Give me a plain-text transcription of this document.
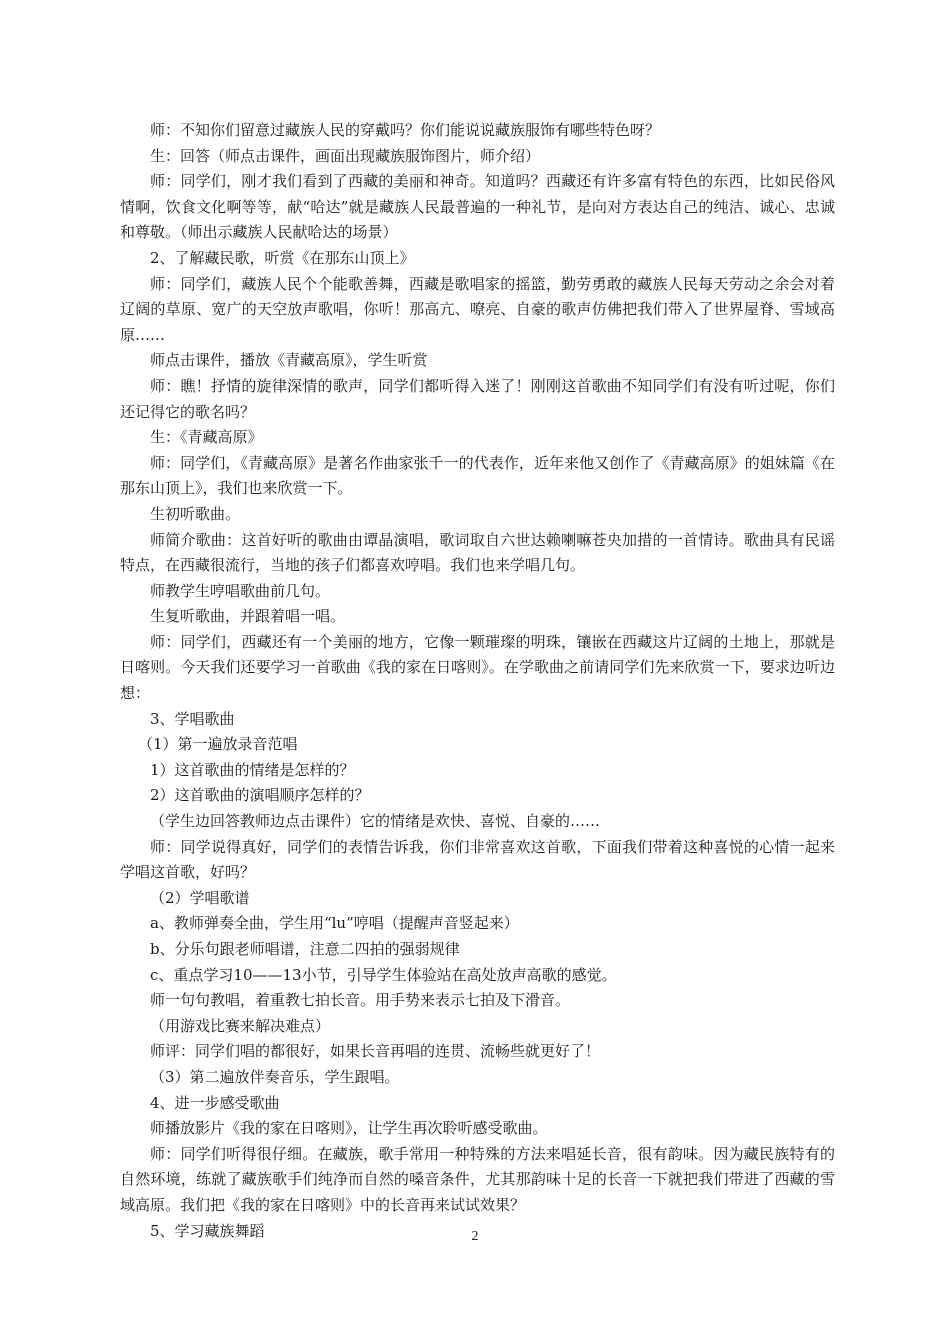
师：不知你们留意过藏族人民的穿戴吗？你们能说说藏族服饰有哪些特色呀？

生：回答（师点击课件，画面出现藏族服饰图片，师介绍）

师：同学们，刚才我们看到了西藏的美丽和神奇。知道吗？西藏还有许多富有特色的东西，比如民俗风情啊，饮食文化啊等等，献“哈达”就是藏族人民最普遍的一种礼节，是向对方表达自己的纯洁、诚心、忠诚和尊敬。（师出示藏族人民献哈达的场景）

2、了解藏民歌，听赏《在那东山顶上》

师：同学们，藏族人民个个能歌善舞，西藏是歌唱家的摇篮，勤劳勇敢的藏族人民每天劳动之余会对着辽阔的草原、宽广的天空放声歌唱，你听！那高亢、嘹亮、自豪的歌声仿佛把我们带入了世界屋脊、雪域高原……

师点击课件，播放《青藏高原》，学生听赏

师：瞧！抒情的旋律深情的歌声，同学们都听得入迷了！刚刚这首歌曲不知同学们有没有听过呢，你们还记得它的歌名吗？

生：《青藏高原》

师：同学们，《青藏高原》是著名作曲家张千一的代表作，近年来他又创作了《青藏高原》的姐妹篇《在那东山顶上》，我们也来欣赏一下。

生初听歌曲。

师简介歌曲：这首好听的歌曲由谭晶演唱，歌词取自六世达赖喇嘛苍央加措的一首情诗。歌曲具有民谣特点，在西藏很流行，当地的孩子们都喜欢哼唱。我们也来学唱几句。

师教学生哼唱歌曲前几句。

生复听歌曲，并跟着唱一唱。

师：同学们，西藏还有一个美丽的地方，它像一颗璀璨的明珠，镶嵌在西藏这片辽阔的土地上，那就是日喀则。今天我们还要学习一首歌曲《我的家在日喀则》。在学歌曲之前请同学们先来欣赏一下，要求边听边想：

3、学唱歌曲

（1）第一遍放录音范唱

1）这首歌曲的情绪是怎样的？

2）这首歌曲的演唱顺序怎样的？

（学生边回答教师边点击课件）它的情绪是欢快、喜悦、自豪的……

师：同学说得真好，同学们的表情告诉我，你们非常喜欢这首歌，下面我们带着这种喜悦的心情一起来学唱这首歌，好吗？

（2）学唱歌谱

a、教师弹奏全曲，学生用“lu”哼唱（提醒声音竖起来）

b、分乐句跟老师唱谱，注意二四拍的强弱规律

c、重点学习10——13小节，引导学生体验站在高处放声高歌的感觉。

师一句句教唱，着重教七拍长音。用手势来表示七拍及下滑音。

（用游戏比赛来解决难点）

师评：同学们唱的都很好，如果长音再唱的连贯、流畅些就更好了！

（3）第二遍放伴奏音乐，学生跟唱。

4、进一步感受歌曲

师播放影片《我的家在日喀则》，让学生再次聆听感受歌曲。

师：同学们听得很仔细。在藏族，歌手常用一种特殊的方法来唱延长音，很有韵味。因为藏民族特有的自然环境，练就了藏族歌手们纯净而自然的嗓音条件，尤其那韵味十足的长音一下就把我们带进了西藏的雪域高原。我们把《我的家在日喀则》中的长音再来试试效果？

5、学习藏族舞蹈	2
